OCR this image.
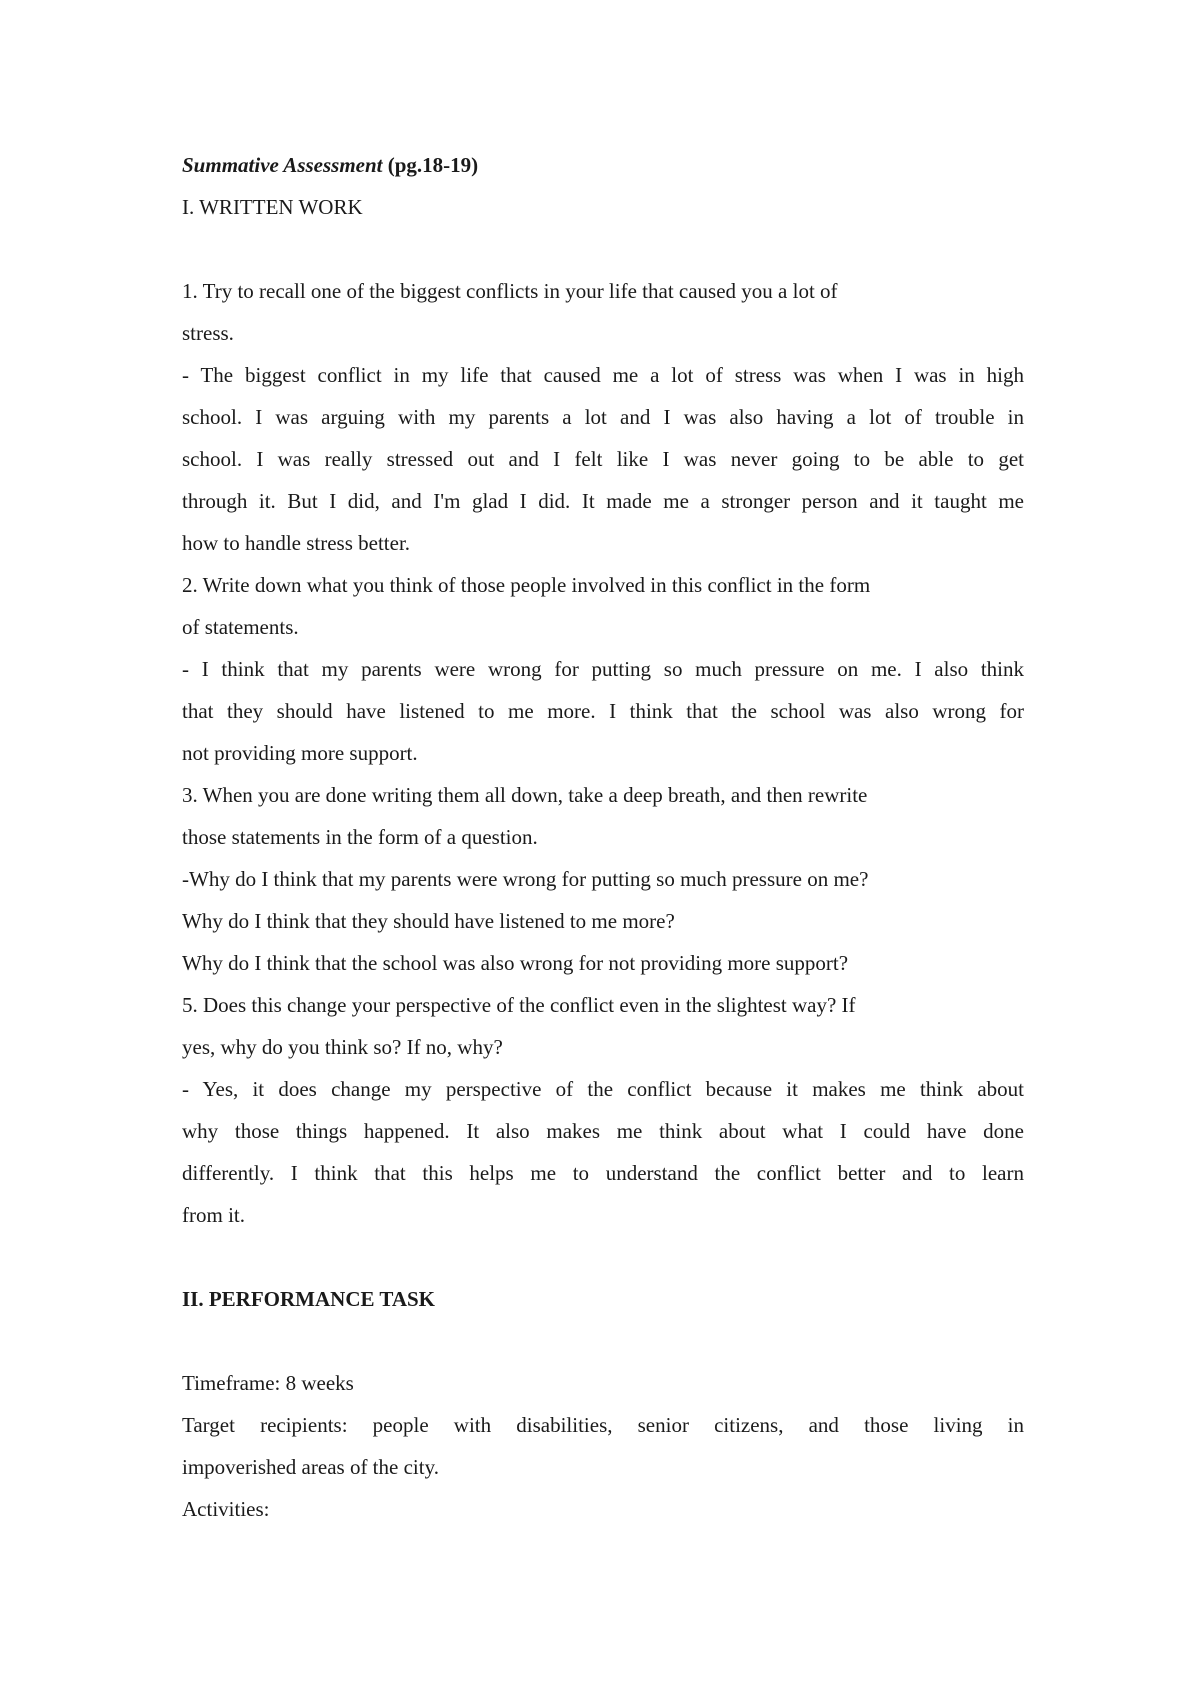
Summative Assessment (pg.18-19)
I. WRITTEN WORK
1. Try to recall one of the biggest conflicts in your life that caused you a lot of
stress.
- The biggest conflict in my life that caused me a lot of stress was when I was in high
school. I was arguing with my parents a lot and I was also having a lot of trouble in
school. I was really stressed out and I felt like I was never going to be able to get
through it. But I did, and I'm glad I did. It made me a stronger person and it taught me
how to handle stress better.
2. Write down what you think of those people involved in this conflict in the form
of statements.
- I think that my parents were wrong for putting so much pressure on me. I also think
that they should have listened to me more. I think that the school was also wrong for
not providing more support.
3. When you are done writing them all down, take a deep breath, and then rewrite
those statements in the form of a question.
-Why do I think that my parents were wrong for putting so much pressure on me?
Why do I think that they should have listened to me more?
Why do I think that the school was also wrong for not providing more support?
5. Does this change your perspective of the conflict even in the slightest way? If
yes, why do you think so? If no, why?
- Yes, it does change my perspective of the conflict because it makes me think about
why those things happened. It also makes me think about what I could have done
differently. I think that this helps me to understand the conflict better and to learn
from it.
II. PERFORMANCE TASK
Timeframe: 8 weeks
Target recipients: people with disabilities, senior citizens, and those living in
impoverished areas of the city.
Activities:
